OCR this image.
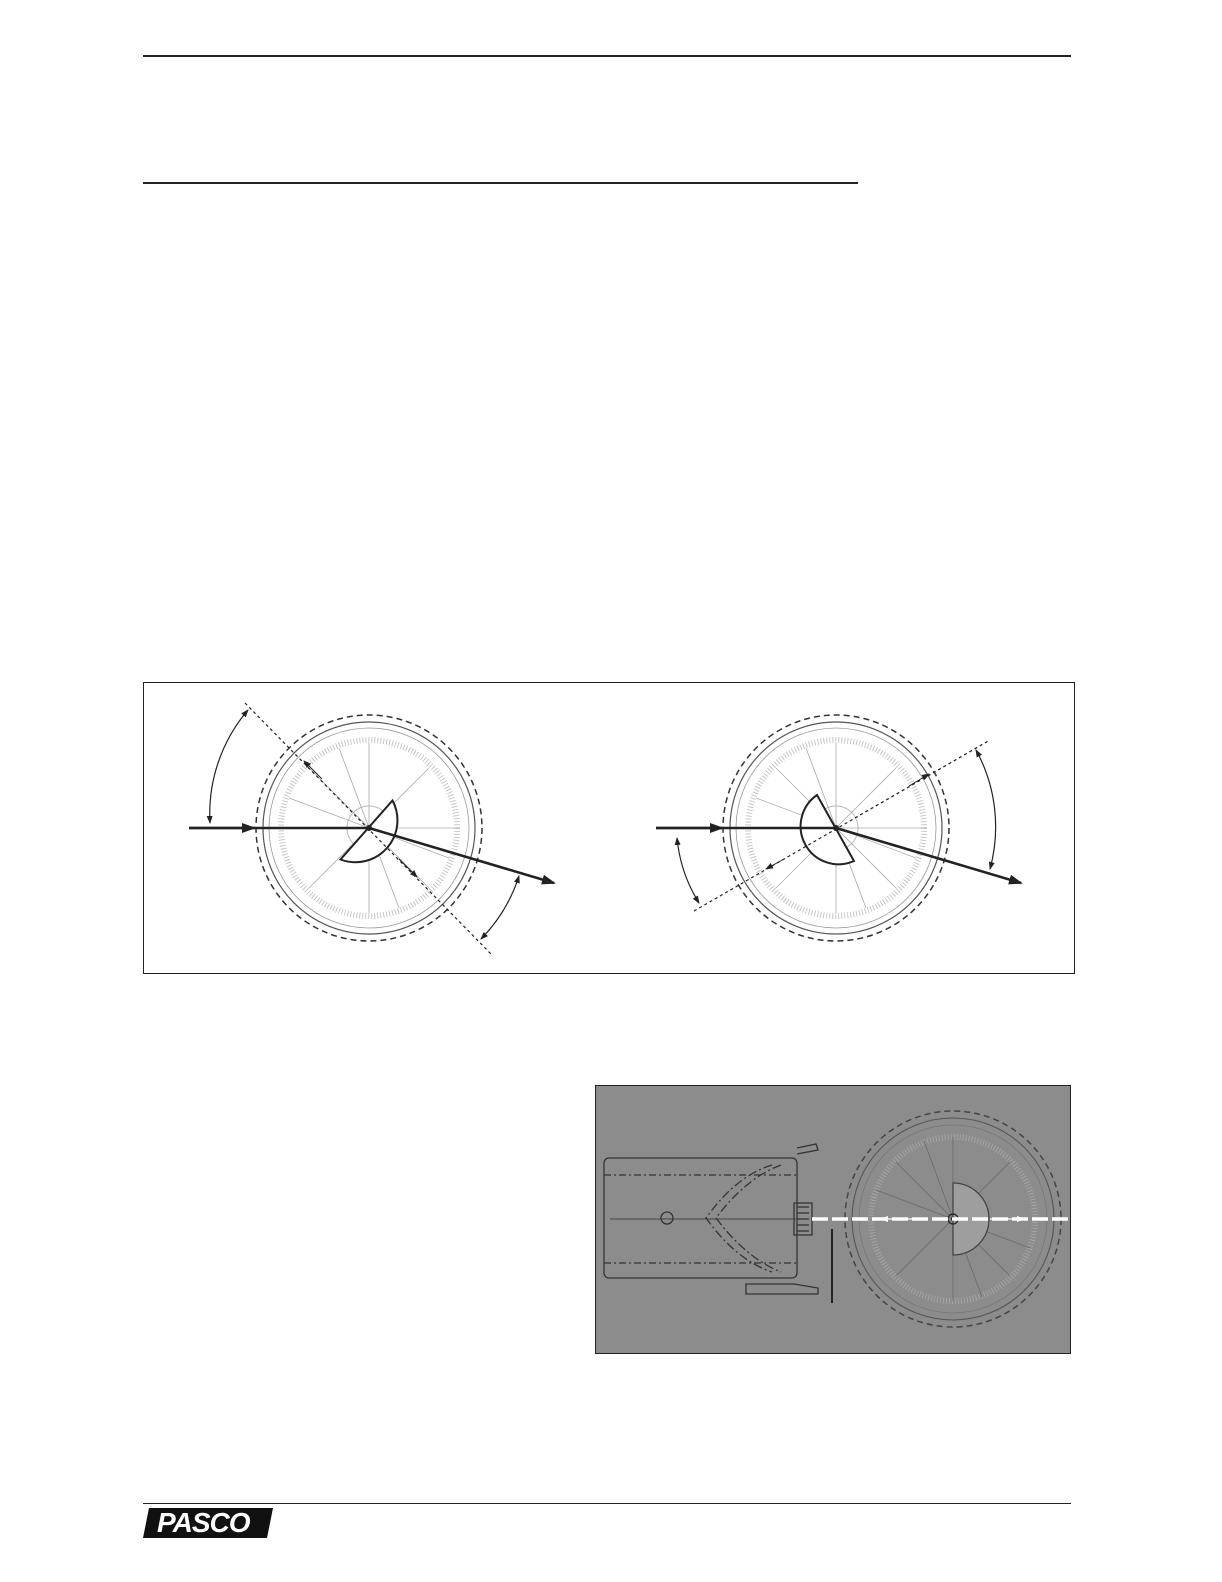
PASCO
